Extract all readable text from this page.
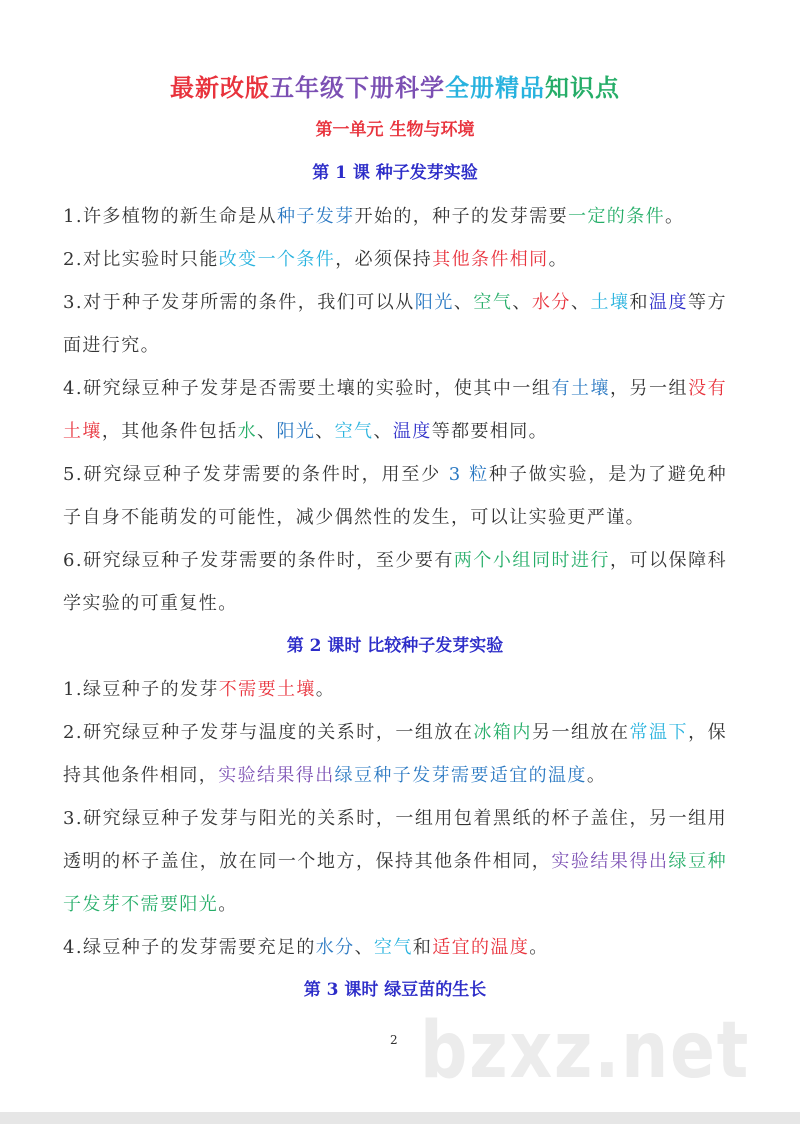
最新改版五年级下册科学全册精品知识点
第一单元 生物与环境
第 1 课 种子发芽实验
1.许多植物的新生命是从种子发芽开始的，种子的发芽需要一定的条件。
2.对比实验时只能改变一个条件，必须保持其他条件相同。
3.对于种子发芽所需的条件，我们可以从阳光、空气、水分、土壤和温度等方面进行究。
4.研究绿豆种子发芽是否需要土壤的实验时，使其中一组有土壤，另一组没有土壤，其他条件包括水、阳光、空气、温度等都要相同。
5.研究绿豆种子发芽需要的条件时，用至少 3 粒种子做实验，是为了避免种子自身不能萌发的可能性，减少偶然性的发生，可以让实验更严谨。
6.研究绿豆种子发芽需要的条件时，至少要有两个小组同时进行，可以保障科学实验的可重复性。
第 2 课时 比较种子发芽实验
1.绿豆种子的发芽不需要土壤。
2.研究绿豆种子发芽与温度的关系时，一组放在冰箱内另一组放在常温下，保持其他条件相同，实验结果得出绿豆种子发芽需要适宜的温度。
3.研究绿豆种子发芽与阳光的关系时，一组用包着黑纸的杯子盖住，另一组用透明的杯子盖住，放在同一个地方，保持其他条件相同，实验结果得出绿豆种子发芽不需要阳光。
4.绿豆种子的发芽需要充足的水分、空气和适宜的温度。
第 3 课时 绿豆苗的生长
bzxz.net
2
